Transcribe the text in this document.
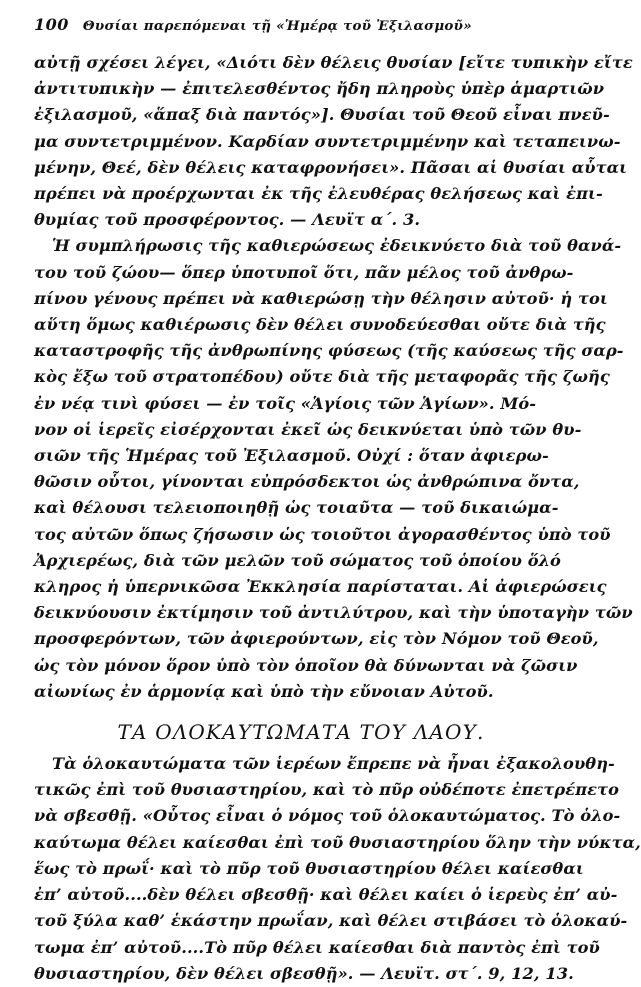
100 Θυσίαι παρεπόμεναι τῇ «Ἡμέρᾳ τοῦ Ἐξιλασμοῦ»
αὐτῇ σχέσει λέγει, «Διότι δὲν θέλεις θυσίαν [εἴτε τυπικὴν εἴτε
ἀντιτυπικὴν — ἐπιτελεσθέντος ἤδη πληροὺς ὑπὲρ ἁμαρτιῶν
ἐξιλασμοῦ, «ἅπαξ διὰ παντός»]. Θυσίαι τοῦ Θεοῦ εἶναι πνεῦ-
μα συντετριμμένον. Καρδίαν συντετριμμένην καὶ τεταπεινω-
μένην, Θεέ, δὲν θέλεις καταφρονήσει». Πᾶσαι αἱ θυσίαι αὗται
πρέπει νὰ προέρχωνται ἐκ τῆς ἐλευθέρας θελήσεως καὶ ἐπι-
θυμίας τοῦ προσφέροντος. — Λευϊτ α΄. 3.
Ἡ συμπλήρωσις τῆς καθιερώσεως ἐδεικνύετο διὰ τοῦ θανά-
του τοῦ ζώου— ὅπερ ὑποτυποῖ ὅτι, πᾶν μέλος τοῦ ἀνθρω-
πίνου γένους πρέπει νὰ καθιερώσῃ τὴν θέλησιν αὐτοῦ· ἡ τοι
αὕτη ὅμως καθιέρωσις δὲν θέλει συνοδεύεσθαι οὔτε διὰ τῆς
καταστροφῆς τῆς ἀνθρωπίνης φύσεως (τῆς καύσεως τῆς σαρ-
κὸς ἔξω τοῦ στρατοπέδου) οὔτε διὰ τῆς μεταφορᾶς τῆς ζωῆς
ἐν νέᾳ τινὶ φύσει — ἐν τοῖς «Ἁγίοις τῶν Ἁγίων». Μό-
νον οἱ ἱερεῖς εἰσέρχονται ἐκεῖ ὡς δεικνύεται ὑπὸ τῶν θυ-
σιῶν τῆς Ἡμέρας τοῦ Ἐξιλασμοῦ. Οὐχί : ὅταν ἀφιερω-
θῶσιν οὗτοι, γίνονται εὐπρόσδεκτοι ὡς ἀνθρώπινα ὄντα,
καὶ θέλουσι τελειοποιηθῇ ὡς τοιαῦτα — τοῦ δικαιώμα-
τος αὐτῶν ὅπως ζήσωσιν ὡς τοιοῦτοι ἀγορασθέντος ὑπὸ τοῦ
Ἀρχιερέως, διὰ τῶν μελῶν τοῦ σώματος τοῦ ὁποίου ὅλό
κληρος ἡ ὑπερνικῶσα Ἐκκλησία παρίσταται. Αἱ ἀφιερώσεις
δεικνύουσιν ἐκτίμησιν τοῦ ἀντιλύτρου, καὶ τὴν ὑποταγὴν τῶν
προσφερόντων, τῶν ἀφιερούντων, εἰς τὸν Νόμον τοῦ Θεοῦ,
ὡς τὸν μόνον ὅρον ὑπὸ τὸν ὁποῖον θὰ δύνωνται νὰ ζῶσιν
αἰωνίως ἐν ἁρμονίᾳ καὶ ὑπὸ τὴν εὔνοιαν Αὐτοῦ.
ΤΑ ΟΛΟΚΑΥΤΩΜΑΤΑ ΤΟΥ ΛΑΟΥ.
Τὰ ὁλοκαυτώματα τῶν ἱερέων ἔπρεπε νὰ ἦναι ἐξακολουθη-
τικῶς ἐπὶ τοῦ θυσιαστηρίου, καὶ τὸ πῦρ οὐδέποτε ἐπετρέπετο
νὰ σβεσθῇ. «Οὗτος εἶναι ὁ νόμος τοῦ ὁλοκαυτώματος. Τὸ ὁλο-
καύτωμα θέλει καίεσθαι ἐπὶ τοῦ θυσιαστηρίου ὅλην τὴν νύκτα,
ἕως τὸ πρωΐ· καὶ τὸ πῦρ τοῦ θυσιαστηρίου θέλει καίεσθαι
ἐπ’ αὐτοῦ....δὲν θέλει σβεσθῇ· καὶ θέλει καίει ὁ ἱερεὺς ἐπ’ αὐ-
τοῦ ξύλα καθ’ ἑκάστην πρωΐαν, καὶ θέλει στιβάσει τὸ ὁλοκαύ-
τωμα ἐπ’ αὐτοῦ....Τὸ πῦρ θέλει καίεσθαι διὰ παντὸς ἐπὶ τοῦ
θυσιαστηρίου, δὲν θέλει σβεσθῇ». — Λευϊτ. στ΄. 9, 12, 13.
